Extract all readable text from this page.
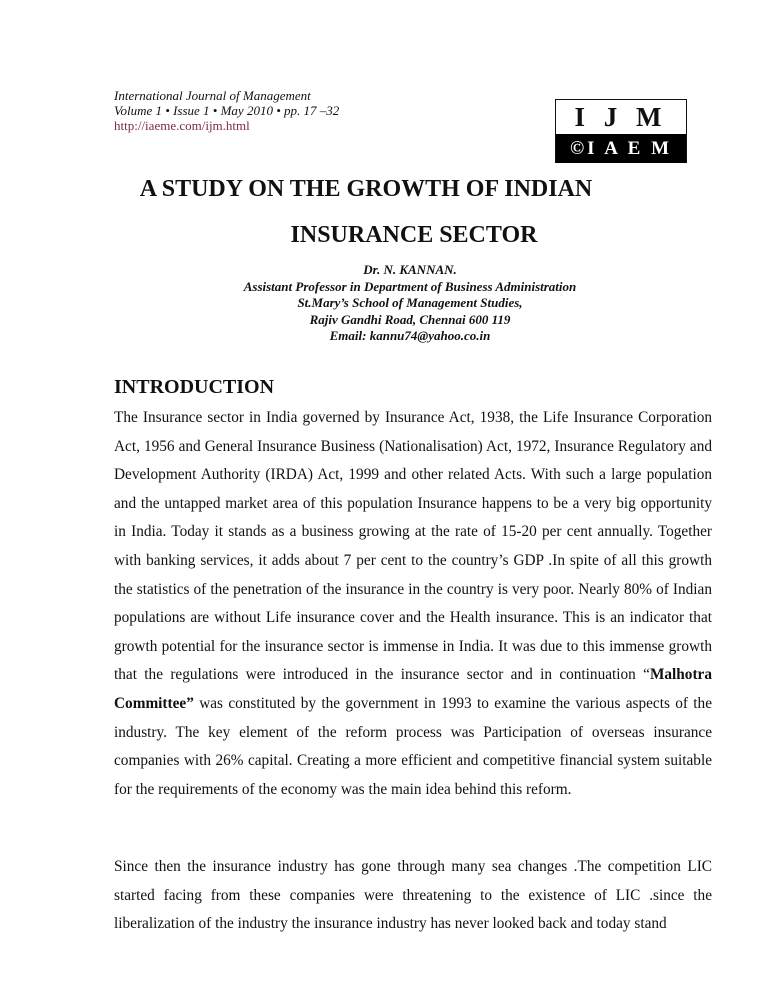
International Journal of Management
Volume 1 • Issue 1 • May 2010 • pp. 17 –32
http://iaeme.com/ijm.html	I J M
©I A E M
A STUDY ON THE GROWTH OF INDIAN
INSURANCE SECTOR
Dr. N. KANNAN.
Assistant Professor in Department of Business Administration
St.Mary’s School of Management Studies,
Rajiv Gandhi Road, Chennai 600 119
Email: kannu74@yahoo.co.in
INTRODUCTION

The Insurance sector in India governed by Insurance Act, 1938, the Life Insurance Corporation Act, 1956 and General Insurance Business (Nationalisation) Act, 1972, Insurance Regulatory and Development Authority (IRDA) Act, 1999 and other related Acts. With such a large population and the untapped market area of this population Insurance happens to be a very big opportunity in India. Today it stands as a business growing at the rate of 15-20 per cent annually. Together with banking services, it adds about 7 per cent to the country’s GDP .In spite of all this growth the statistics of the penetration of the insurance in the country is very poor. Nearly 80% of Indian populations are without Life insurance cover and the Health insurance. This is an indicator that growth potential for the insurance sector is immense in India. It was due to this immense growth that the regulations were introduced in the insurance sector and in continuation “Malhotra Committee” was constituted by the government in 1993 to examine the various aspects of the industry. The key element of the reform process was Participation of overseas insurance companies with 26% capital. Creating a more efficient and competitive financial system suitable for the requirements of the economy was the main idea behind this reform.

Since then the insurance industry has gone through many sea changes .The competition LIC started facing from these companies were threatening to the existence of LIC .since the liberalization of the industry the insurance industry has never looked back and today stand
